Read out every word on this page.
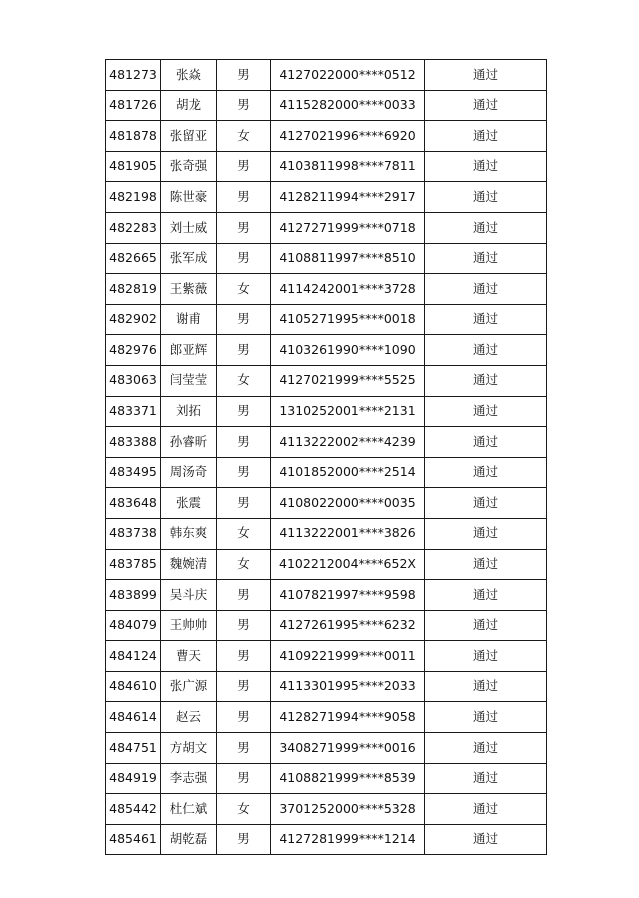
481273	张焱	男	4127022000****0512	通过
481726	胡龙	男	4115282000****0033	通过
481878	张留亚	女	4127021996****6920	通过
481905	张奇强	男	4103811998****7811	通过
482198	陈世豪	男	4128211994****2917	通过
482283	刘士威	男	4127271999****0718	通过
482665	张军成	男	4108811997****8510	通过
482819	王紫薇	女	4114242001****3728	通过
482902	谢甫	男	4105271995****0018	通过
482976	郎亚辉	男	4103261990****1090	通过
483063	闫莹莹	女	4127021999****5525	通过
483371	刘拓	男	1310252001****2131	通过
483388	孙睿昕	男	4113222002****4239	通过
483495	周汤奇	男	4101852000****2514	通过
483648	张震	男	4108022000****0035	通过
483738	韩东爽	女	4113222001****3826	通过
483785	魏婉清	女	4102212004****652X	通过
483899	吴斗庆	男	4107821997****9598	通过
484079	王帅帅	男	4127261995****6232	通过
484124	曹天	男	4109221999****0011	通过
484610	张广源	男	4113301995****2033	通过
484614	赵云	男	4128271994****9058	通过
484751	方胡文	男	3408271999****0016	通过
484919	李志强	男	4108821999****8539	通过
485442	杜仁斌	女	3701252000****5328	通过
485461	胡乾磊	男	4127281999****1214	通过
